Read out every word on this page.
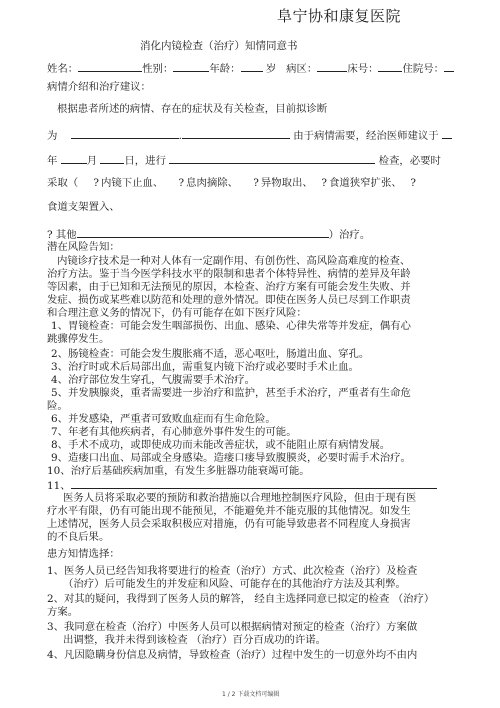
阜宁协和康复医院
消化内镜检查（治疗）知情同意书
姓名：	性别：	年龄： 岁 病区：	床号： 住院号：
病情介绍和治疗建议：
根据患者所述的病情、存在的症状及有关检查，目前拟诊断
为	.	由于病情需要，经治医师建议于
年	月	日，进行	检查，必要时
采取（ ? 内镜下止血、 ? 息肉摘除、 ? 异物取出、 ? 食道狭窄扩张、 ?
食道支架置入、
? 其他	）治疗。
潜在风险告知：
内镜诊疗技术是一种对人体有一定副作用、有创伤性、高风险高难度的检查、
治疗方法。鉴于当今医学科技水平的限制和患者个体特异性、病情的差异及年龄
等因素，由于已知和无法预见的原因，本检查、治疗方案有可能会发生失败、并
发症、损伤或某些难以防范和处理的意外情况。即使在医务人员已尽到工作职责
和合理注意义务的情况下，仍有可能存在如下医疗风险：
1、胃镜检查：可能会发生咽部损伤、出血、感染、心律失常等并发症，偶有心
跳骤停发生。
2、肠镜检查：可能会发生腹胀痛不适，恶心呕吐，肠道出血、穿孔。
3、治疗时或术后局部出血，需重复内镜下治疗或必要时手术止血。
4、治疗部位发生穿孔，气腹需要手术治疗。
5、并发胰腺炎，重者需要进一步治疗和监护，甚至手术治疗，严重者有生命危
险。
6、并发感染，严重者可致败血症而有生命危险。
7、年老有其他疾病者，有心肺意外事件发生的可能。
8、手术不成功，或即使成功而未能改善症状，或不能阻止原有病情发展。
9、造瘘口出血、局部或全身感染。造瘘口瘘导致腹膜炎，必要时需手术治疗。
10、治疗后基础疾病加重，有发生多脏器功能衰竭可能。
11、
医务人员将采取必要的预防和救治措施以合理地控制医疗风险，但由于现有医
疗水平有限，仍有可能出现不能预见，不能避免并不能克服的其他情况。如发生
上述情况，医务人员会采取积极应对措施，仍有可能导致患者不同程度人身损害
的不良后果。
患方知情选择：
1、医务人员已经告知我将要进行的检查（治疗）方式、此次检查（治疗）及检查
（治疗）后可能发生的并发症和风险、可能存在的其他治疗方法及其利弊。
2、对其的疑问，我得到了医务人员的解答， 经自主选择同意已拟定的检查 （治疗）
方案。
3、我同意在检查（治疗）中医务人员可以根据病情对预定的检查（治疗）方案做
出调整，我并未得到该检查 （治疗）百分百成功的许诺。
4、凡因隐瞒身份信息及病情，导致检查（治疗）过程中发生的一切意外均不由内
1 / 2 下载文档可编辑
